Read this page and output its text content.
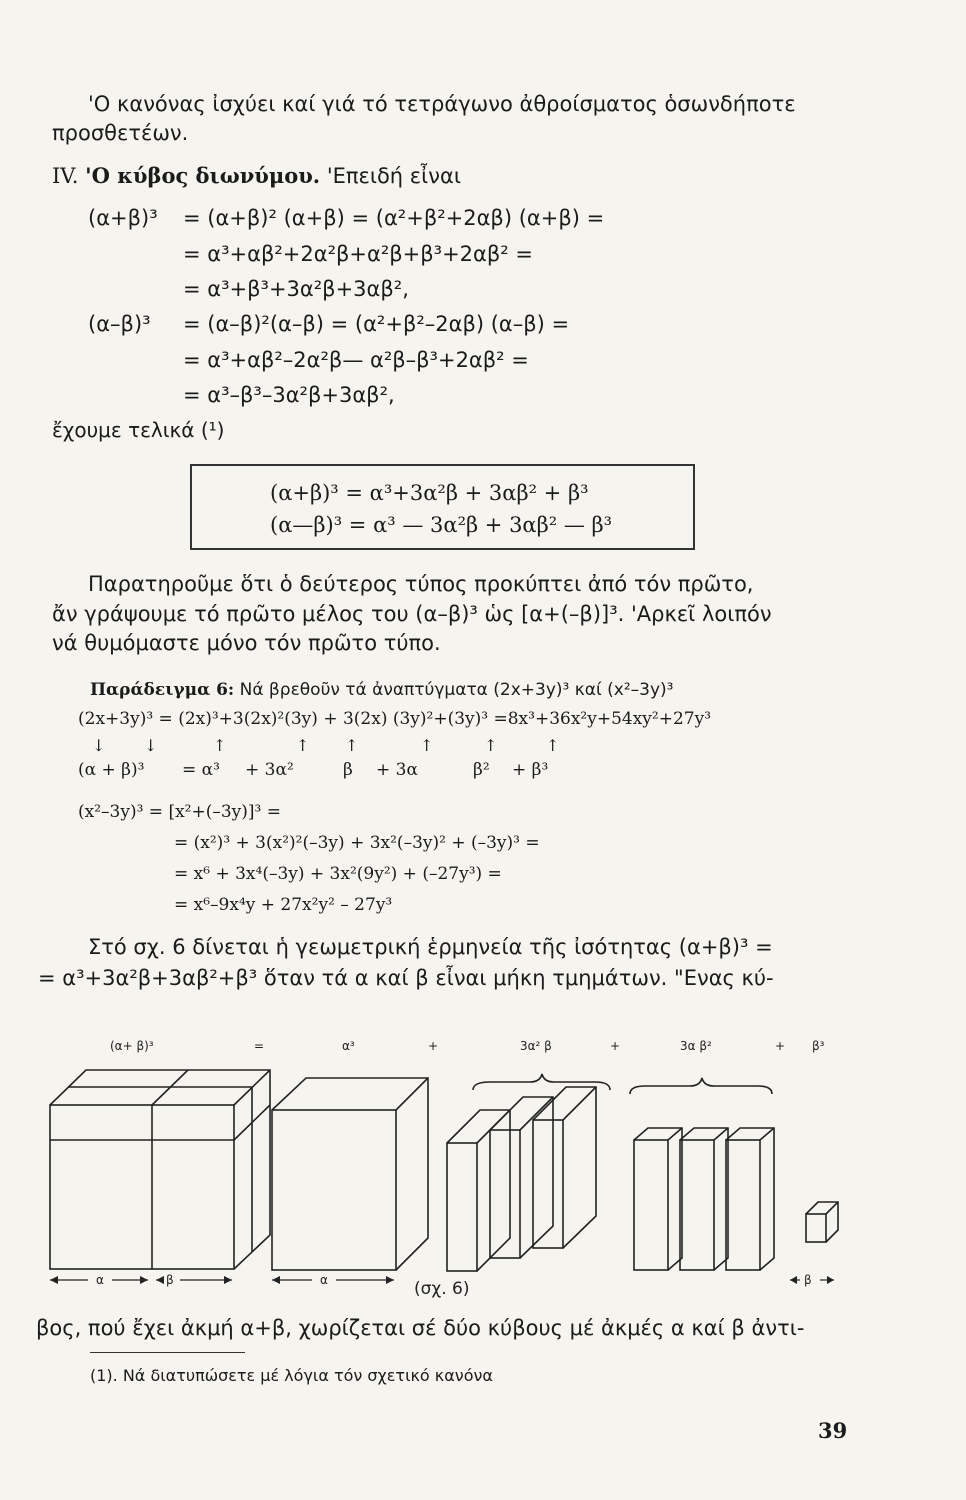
'Ο κανόνας ἰσχύει καί γιά τό τετράγωνο ἀθροίσματος ὁσωνδήποτε
προσθετέων.
IV. 'Ο κύβος διωνύμου. 'Επειδή εἶναι
(α+β)³ = (α+β)² (α+β) = (α²+β²+2αβ) (α+β) =
= α³+αβ²+2α²β+α²β+β³+2αβ² =
= α³+β³+3α²β+3αβ²,
(α–β)³ = (α–β)²(α–β) = (α²+β²–2αβ) (α–β) =
= α³+αβ²–2α²β— α²β–β³+2αβ² =
= α³–β³–3α²β+3αβ²,
ἔχουμε τελικά (¹)
(α+β)³ = α³+3α²β + 3αβ² + β³
(α—β)³ = α³ — 3α²β + 3αβ² — β³
Παρατηροῦμε ὅτι ὁ δεύτερος τύπος προκύπτει ἀπό τόν πρῶτο,
ἄν γράψουμε τό πρῶτο μέλος του (α–β)³ ὡς [α+(–β)]³. 'Αρκεῖ λοιπόν
νά θυμόμαστε μόνο τόν πρῶτο τύπο.
Παράδειγμα 6: Νά βρεθοῦν τά ἀναπτύγματα (2x+3y)³ καί (x²–3y)³
(2x+3y)³ = (2x)³+3(2x)²(3y) + 3(2x) (3y)²+(3y)³ =8x³+36x²y+54xy²+27y³
↓ ↓	↑	↑ ↑	↑	↑	↑
(α + β)³ = α³ + 3α²	β + 3α	β² + β³
(x²–3y)³ = [x²+(–3y)]³ =
= (x²)³ + 3(x²)²(–3y) + 3x²(–3y)² + (–3y)³ =
= x⁶ + 3x⁴(–3y) + 3x²(9y²) + (–27y³) =
= x⁶–9x⁴y + 27x²y² – 27y³
Στό σχ. 6 δίνεται ἡ γεωμετρική ἑρμηνεία τῆς ἰσότητας (α+β)³ =
= α³+3α²β+3αβ²+β³ ὅταν τά α καί β εἶναι μήκη τμημάτων. "Ενας κύ-
(α+ β)³	=	α³	+	3α² β	+	3α β²	+ β³
α	β	α	β
(σχ. 6)
βος, πού ἔχει ἀκμή α+β, χωρίζεται σέ δύο κύβους μέ ἀκμές α καί β ἀντι-
(1). Νά διατυπώσετε μέ λόγια τόν σχετικό κανόνα
39
